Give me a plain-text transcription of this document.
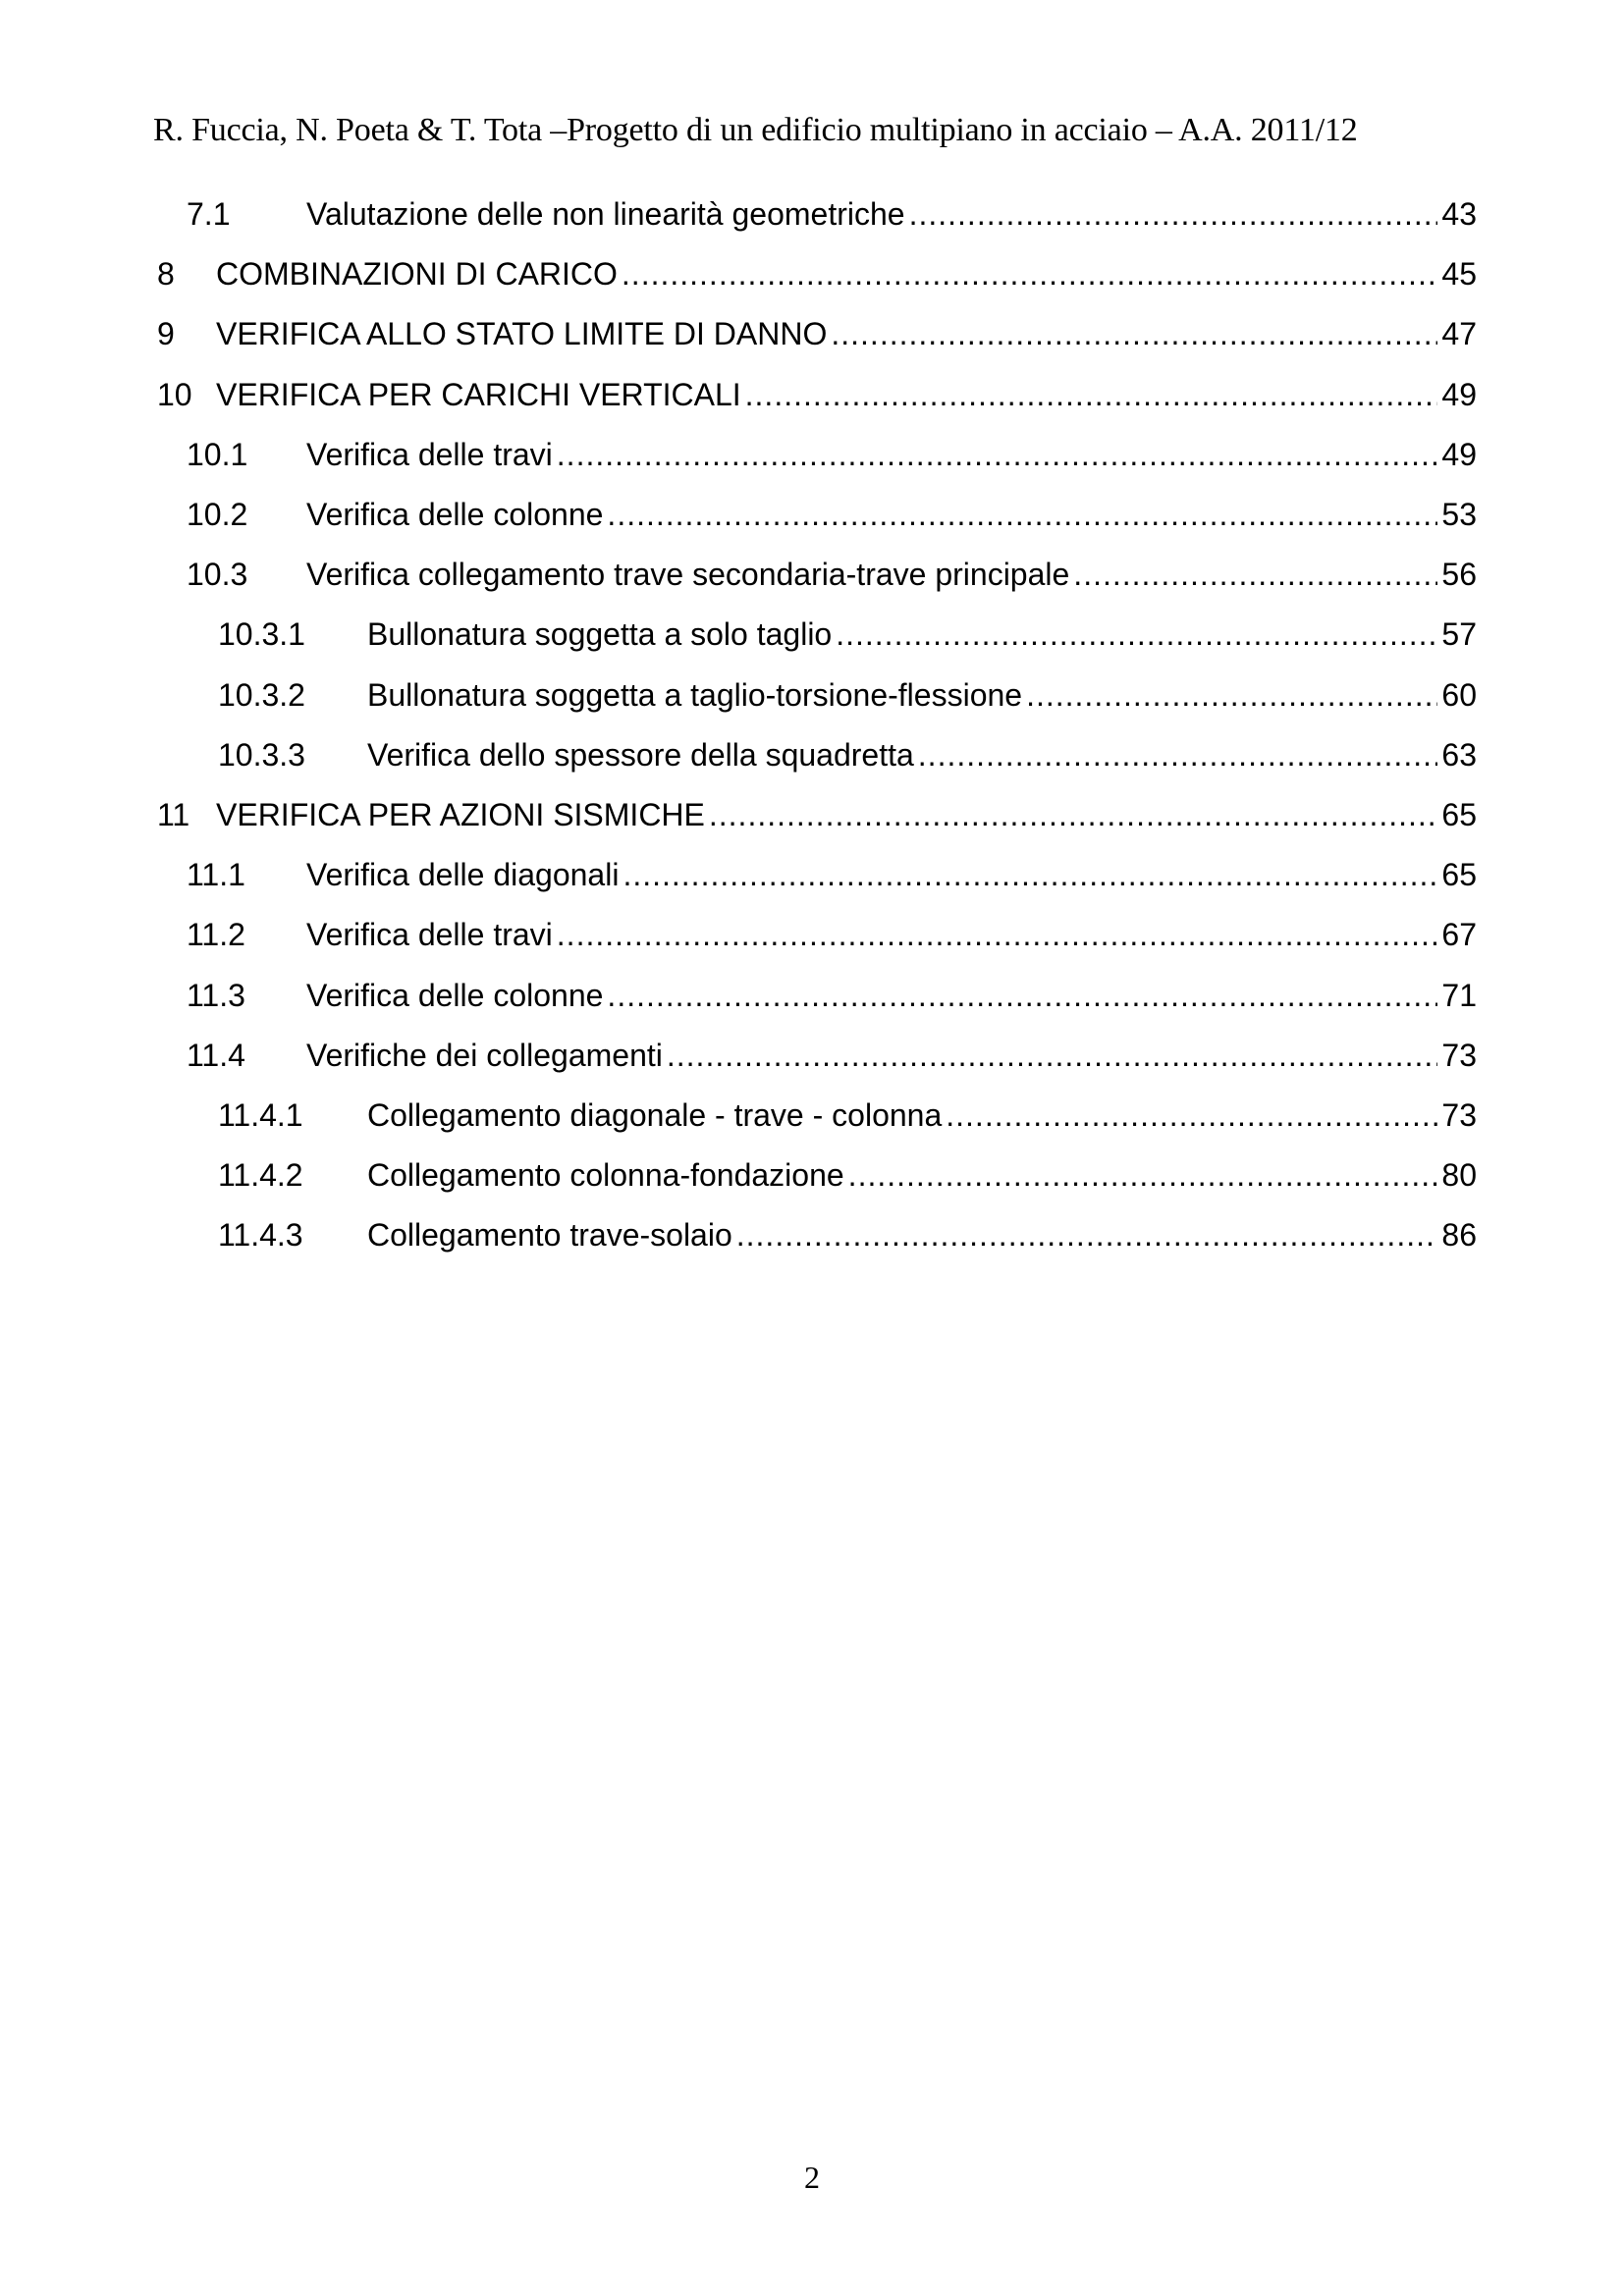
R. Fuccia, N. Poeta & T. Tota –Progetto di un edificio multipiano in acciaio – A.A. 2011/12
7.1	Valutazione delle non linearità geometriche .....	43
8	COMBINAZIONI DI CARICO .....	45
9	VERIFICA ALLO STATO LIMITE DI DANNO .....	47
10 VERIFICA PER CARICHI VERTICALI .....	49
10.1	Verifica delle travi .....	49
10.2	Verifica delle colonne .....	53
10.3	Verifica collegamento trave secondaria-trave principale .....	56
10.3.1	Bullonatura soggetta a solo taglio .....	57
10.3.2	Bullonatura soggetta a taglio-torsione-flessione .....	60
10.3.3	Verifica dello spessore della squadretta .....	63
11 VERIFICA PER AZIONI SISMICHE .....	65
11.1	Verifica delle diagonali .....	65
11.2	Verifica delle travi .....	67
11.3	Verifica delle colonne .....	71
11.4	Verifiche dei collegamenti .....	73
11.4.1	Collegamento diagonale - trave - colonna .....	73
11.4.2	Collegamento colonna-fondazione .....	80
11.4.3	Collegamento trave-solaio .....	86
2
